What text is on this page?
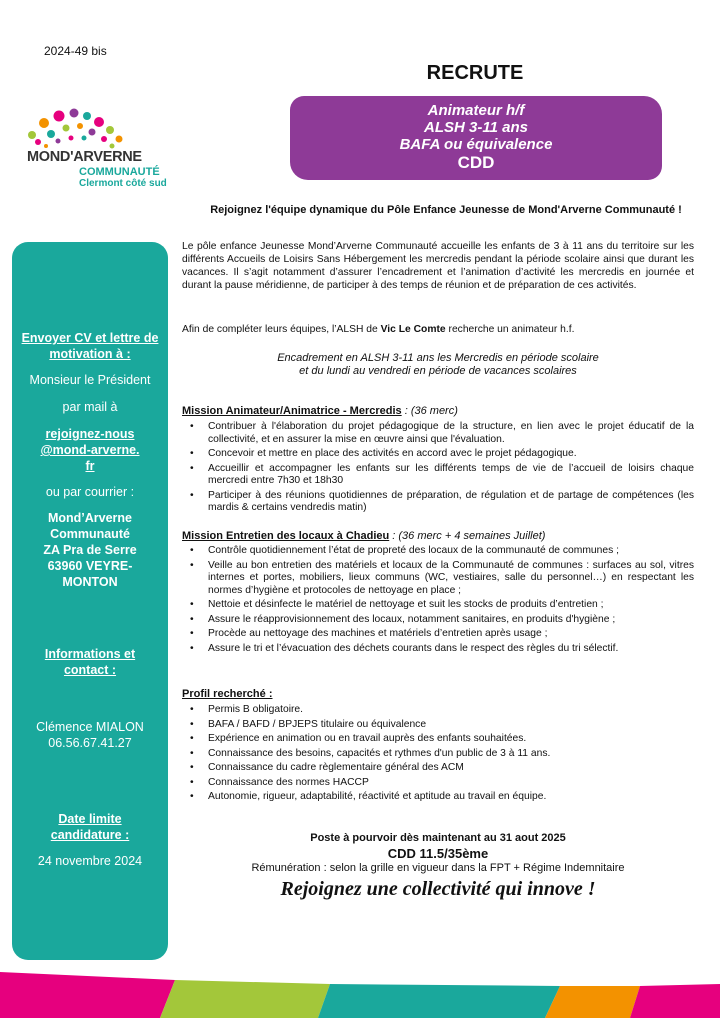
2024-49 bis
MOND'ARVERNE
COMMUNAUTÉ
Clermont côté sud
RECRUTE
Animateur h/f
ALSH 3-11 ans
BAFA ou équivalence
CDD
Rejoignez l'équipe dynamique du Pôle Enfance Jeunesse de Mond'Arverne Communauté !
Envoyer CV et lettre de motivation à :
Monsieur le Président
par mail à
rejoignez-nous@mond-arverne.fr
ou par courrier :
Mond’Arverne Communauté
ZA Pra de Serre
63960 VEYRE-MONTON
Informations et contact :
Clémence MIALON
06.56.67.41.27
Date limite candidature :
24 novembre 2024
Le pôle enfance Jeunesse Mond’Arverne Communauté accueille les enfants de 3 à 11 ans du territoire sur les différents Accueils de Loisirs Sans Hébergement les mercredis pendant la période scolaire ainsi que durant les vacances. Il s’agit notamment d’assurer l’encadrement et l’animation d’activité les mercredis en journée et durant la pause méridienne, de participer à des temps de réunion et de préparation de ces activités.
Afin de compléter leurs équipes, l’ALSH de Vic Le Comte recherche un animateur h.f.
Encadrement en ALSH 3-11 ans les Mercredis en période scolaire
et du lundi au vendredi en période de vacances scolaires
Mission Animateur/Animatrice - Mercredis : (36 merc)
• Contribuer à l'élaboration du projet pédagogique de la structure, en lien avec le projet éducatif de la collectivité, et en assurer la mise en œuvre ainsi que l'évaluation.
• Concevoir et mettre en place des activités en accord avec le projet pédagogique.
• Accueillir et accompagner les enfants sur les différents temps de vie de l’accueil de loisirs chaque mercredi entre 7h30 et 18h30
• Participer à des réunions quotidiennes de préparation, de régulation et de partage de compétences (les mardis & certains vendredis matin)
Mission Entretien des locaux à Chadieu : (36 merc + 4 semaines Juillet)
• Contrôle quotidiennement l’état de propreté des locaux de la communauté de communes ;
• Veille au bon entretien des matériels et locaux de la Communauté de communes : surfaces au sol, vitres internes et portes, mobiliers, lieux communs (WC, vestiaires, salle du personnel…) en respectant les normes d’hygiène et protocoles de nettoyage en place ;
• Nettoie et désinfecte le matériel de nettoyage et suit les stocks de produits d’entretien ;
• Assure le réapprovisionnement des locaux, notamment sanitaires, en produits d'hygiène ;
• Procède au nettoyage des machines et matériels d’entretien après usage ;
• Assure le tri et l’évacuation des déchets courants dans le respect des règles du tri sélectif.
Profil recherché :
• Permis B obligatoire.
• BAFA / BAFD / BPJEPS titulaire ou équivalence
• Expérience en animation ou en travail auprès des enfants souhaitées.
• Connaissance des besoins, capacités et rythmes d'un public de 3 à 11 ans.
• Connaissance du cadre règlementaire général des ACM
• Connaissance des normes HACCP
• Autonomie, rigueur, adaptabilité, réactivité et aptitude au travail en équipe.
Poste à pourvoir dès maintenant au 31 aout 2025
CDD 11.5/35ème
Rémunération : selon la grille en vigueur dans la FPT + Régime Indemnitaire
Rejoignez une collectivité qui innove !
